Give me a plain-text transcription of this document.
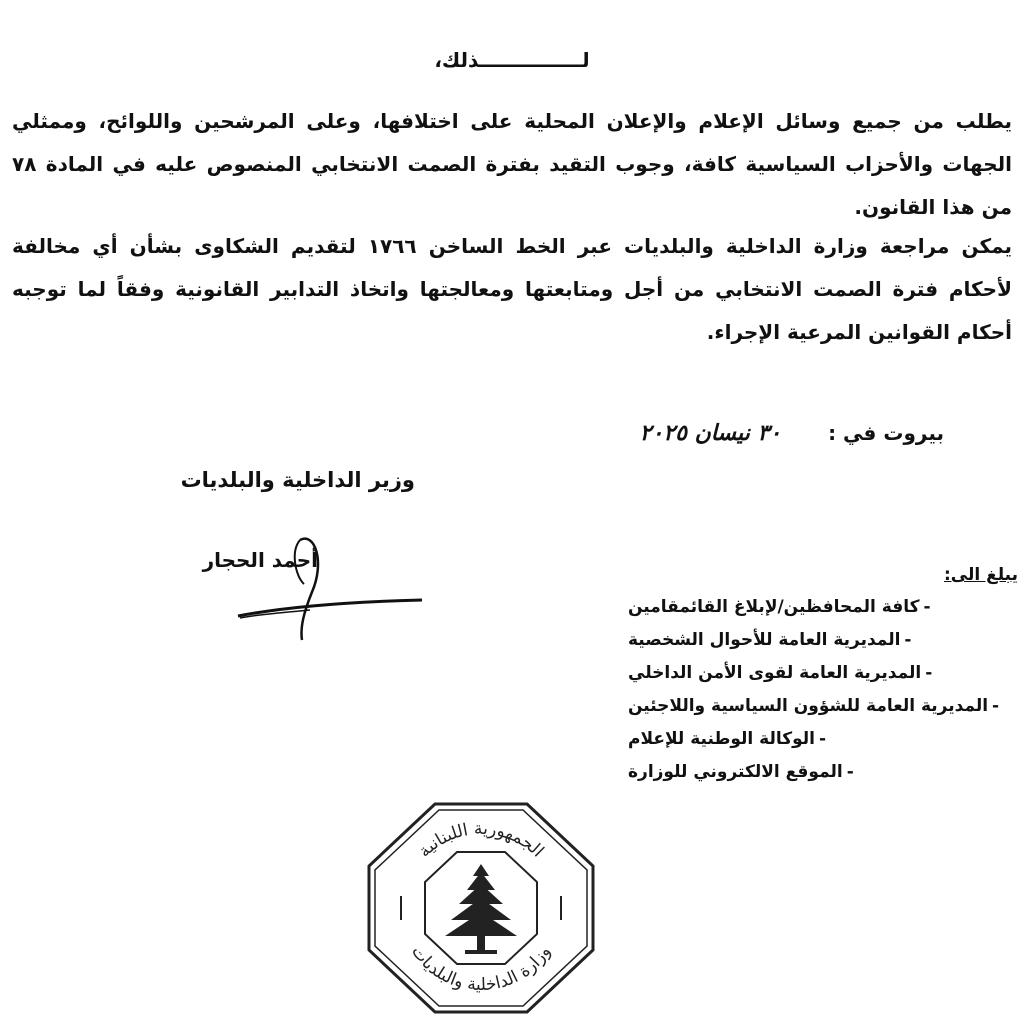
لـــــــــــــــذلك،
يطلب من جميع وسائل الإعلام والإعلان المحلية على اختلافها، وعلى المرشحين واللوائح، وممثلي الجهات والأحزاب السياسية كافة، وجوب التقيد بفترة الصمت الانتخابي المنصوص عليه في المادة ٧٨ من هذا القانون.
يمكن مراجعة وزارة الداخلية والبلديات عبر الخط الساخن ١٧٦٦ لتقديم الشكاوى بشأن أي مخالفة لأحكام فترة الصمت الانتخابي من أجل ومتابعتها ومعالجتها واتخاذ التدابير القانونية وفقاً لما توجبه أحكام القوانين المرعية الإجراء.
بيروت في : ٣٠ نيسان ٢٠٢٥
وزير الداخلية والبلديات
أحمد الحجار
يبلغ الى:
-كافة المحافظين/لإبلاغ القائمقامين
-المديرية العامة للأحوال الشخصية
-المديرية العامة لقوى الأمن الداخلي
-المديرية العامة للشؤون السياسية واللاجئين
-الوكالة الوطنية للإعلام
-الموقع الالكتروني للوزارة
الجمهورية اللبنانية
وزارة الداخلية والبلديات
